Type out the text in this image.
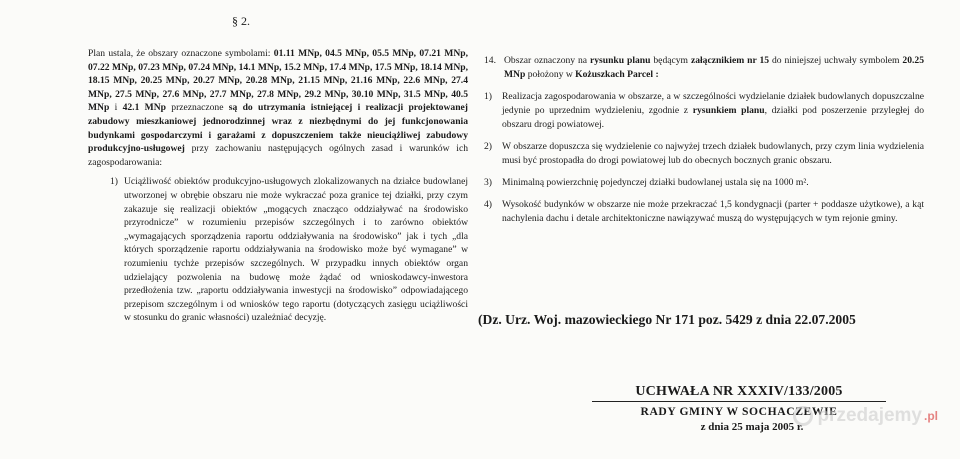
§ 2.

Plan ustala, że obszary oznaczone symbolami: 01.11 MNp, 04.5 MNp, 05.5 MNp, 07.21 MNp, 07.22 MNp, 07.23 MNp, 07.24 MNp, 14.1 MNp, 15.2 MNp, 17.4 MNp, 17.5 MNp, 18.14 MNp, 18.15 MNp, 20.25 MNp, 20.27 MNp, 20.28 MNp, 21.15 MNp, 21.16 MNp, 22.6 MNp, 27.4 MNp, 27.5 MNp, 27.6 MNp, 27.7 MNp, 27.8 MNp, 29.2 MNp, 30.10 MNp, 31.5 MNp, 40.5 MNp i 42.1 MNp przeznaczone są do utrzymania istniejącej i realizacji projektowanej zabudowy mieszkaniowej jednorodzinnej wraz z niezbędnymi do jej funkcjonowania budynkami gospodarczymi i garażami z dopuszczeniem także nieuciążliwej zabudowy produkcyjno-usługowej przy zachowaniu następujących ogólnych zasad i warunków ich zagospodarowania:

1) Uciążliwość obiektów produkcyjno-usługowych zlokalizowanych na działce budowlanej utworzonej w obrębie obszaru nie może wykraczać poza granice tej działki, przy czym zakazuje się realizacji obiektów „mogących znacząco oddziaływać na środowisko przyrodnicze” w rozumieniu przepisów szczególnych i to zarówno obiektów „wymagających sporządzenia raportu oddziaływania na środowisko” jak i tych „dla których sporządzenie raportu oddziaływania na środowisko może być wymagane” w rozumieniu tychże przepisów szczególnych. W przypadku innych obiektów organ udzielający pozwolenia na budowę może żądać od wnioskodawcy-inwestora przedłożenia tzw. „raportu oddziaływania inwestycji na środowisko” odpowiadającego przepisom szczególnym i od wniosków tego raportu (dotyczących zasięgu uciążliwości w stosunku do granic własności) uzależniać decyzję.
14. Obszar oznaczony na rysunku planu będącym załącznikiem nr 15 do niniejszej uchwały symbolem 20.25 MNp położony w Kożuszkach Parcel :
1)	Realizacja zagospodarowania w obszarze, a w szczególności wydzielanie działek budowlanych dopuszczalne jedynie po uprzednim wydzieleniu, zgodnie z rysunkiem planu, działki pod poszerzenie przyległej do obszaru drogi powiatowej.
2)	W obszarze dopuszcza się wydzielenie co najwyżej trzech działek budowlanych, przy czym linia wydzielenia musi być prostopadła do drogi powiatowej lub do obecnych bocznych granic obszaru.
3)	Minimalną powierzchnię pojedynczej działki budowlanej ustala się na 1000 m².
4)	Wysokość budynków w obszarze nie może przekraczać 1,5 kondygnacji (parter + poddasze użytkowe), a kąt nachylenia dachu i detale architektoniczne nawiązywać muszą do występujących w tym rejonie gminy.
(Dz. Urz. Woj. mazowieckiego Nr 171 poz. 5429 z dnia 22.07.2005
UCHWAŁA NR XXXIV/133/2005
RADY GMINY W SOCHACZEWIE
z dnia 25 maja 2005 r.
przedajemy .pl
